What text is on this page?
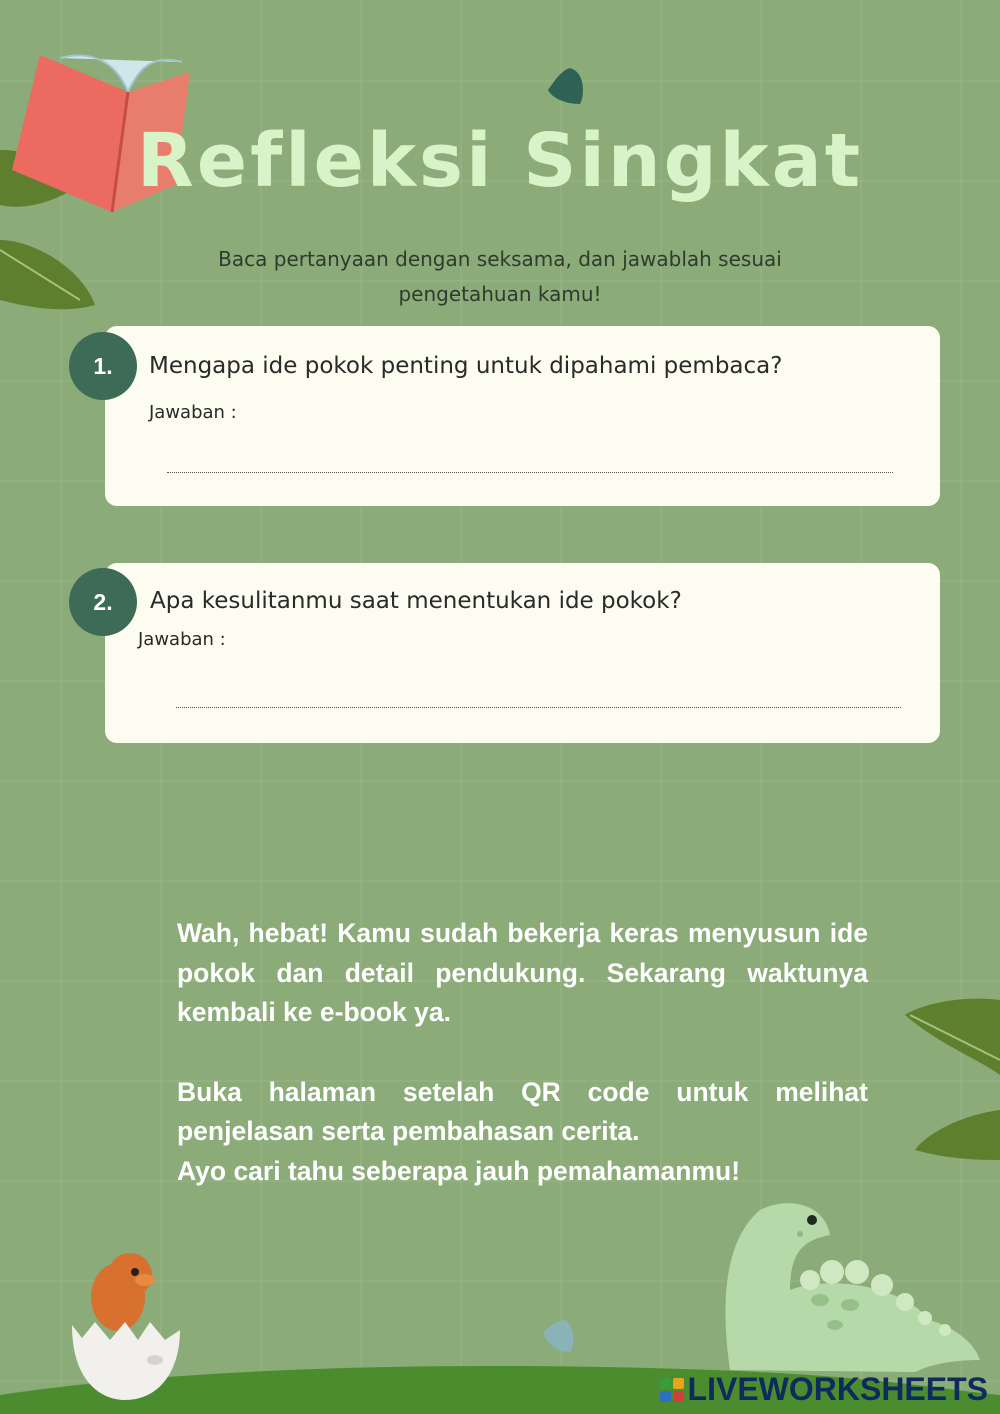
Refleksi Singkat
Baca pertanyaan dengan seksama, dan jawablah sesuai
pengetahuan kamu!
1.	Mengapa ide pokok penting untuk dipahami pembaca?

Jawaban :

2.	Apa kesulitanmu saat menentukan ide pokok?

Jawaban :

Wah, hebat! Kamu sudah bekerja keras menyusun ide pokok dan detail pendukung. Sekarang waktunya kembali ke e-book ya.

Buka halaman setelah QR code untuk melihat penjelasan serta pembahasan cerita.

Ayo cari tahu seberapa jauh pemahamanmu!

LIVEWORKSHEETS
